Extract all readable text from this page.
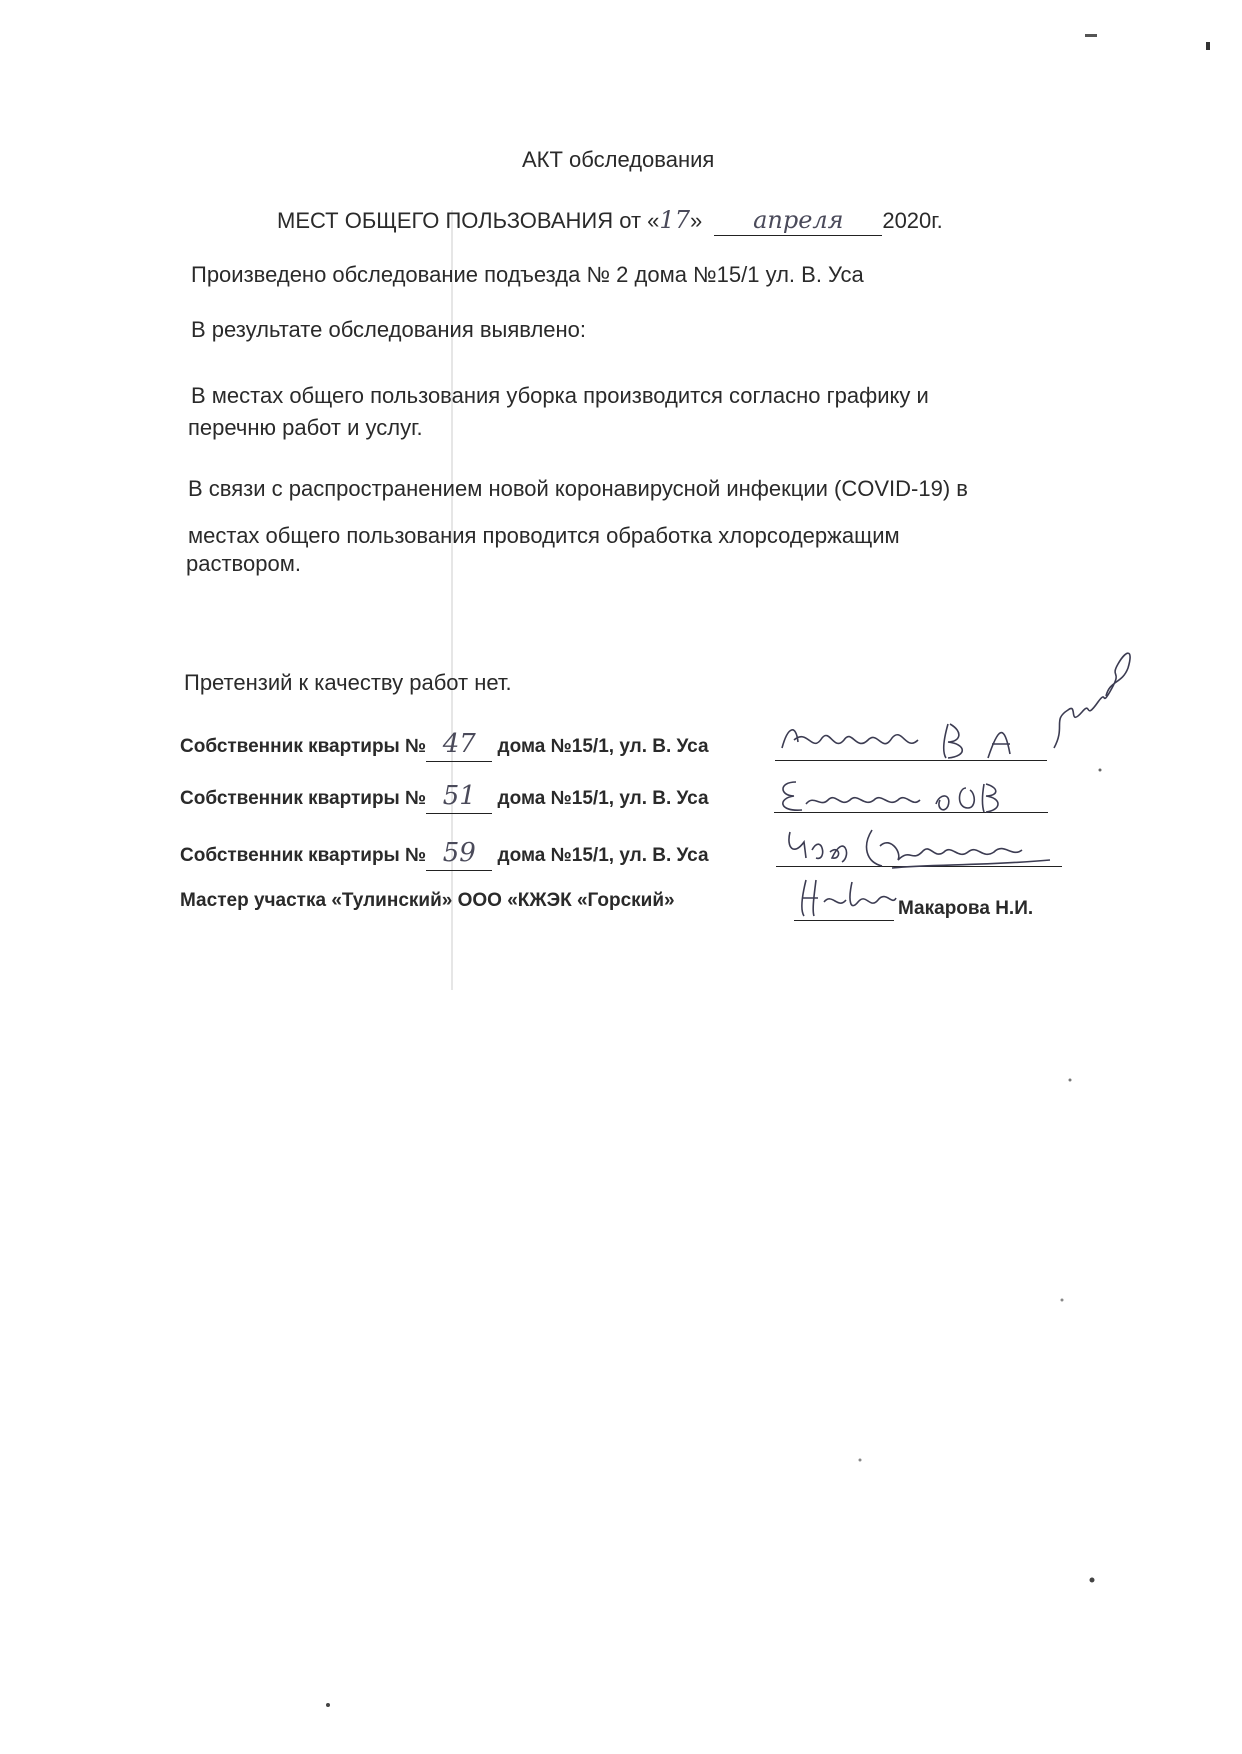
АКТ обследования
МЕСТ ОБЩЕГО ПОЛЬЗОВАНИЯ от «17» апреля 2020г.
Произведено обследование подъезда № 2 дома №15/1 ул. В. Уса
В результате обследования выявлено:
В местах общего пользования уборка производится согласно графику и
перечню работ и услуг.
В связи с распространением новой коронавирусной инфекции (COVID-19) в
местах общего пользования проводится обработка хлорсодержащим
раствором.
Претензий к качеству работ нет.
Собственник квартиры № 47 дома №15/1, ул. В. Уса
Собственник квартиры № 51 дома №15/1, ул. В. Уса
Собственник квартиры № 59 дома №15/1, ул. В. Уса
Мастер участка «Тулинский» ООО «КЖЭК «Горский»	Макарова Н.И.
